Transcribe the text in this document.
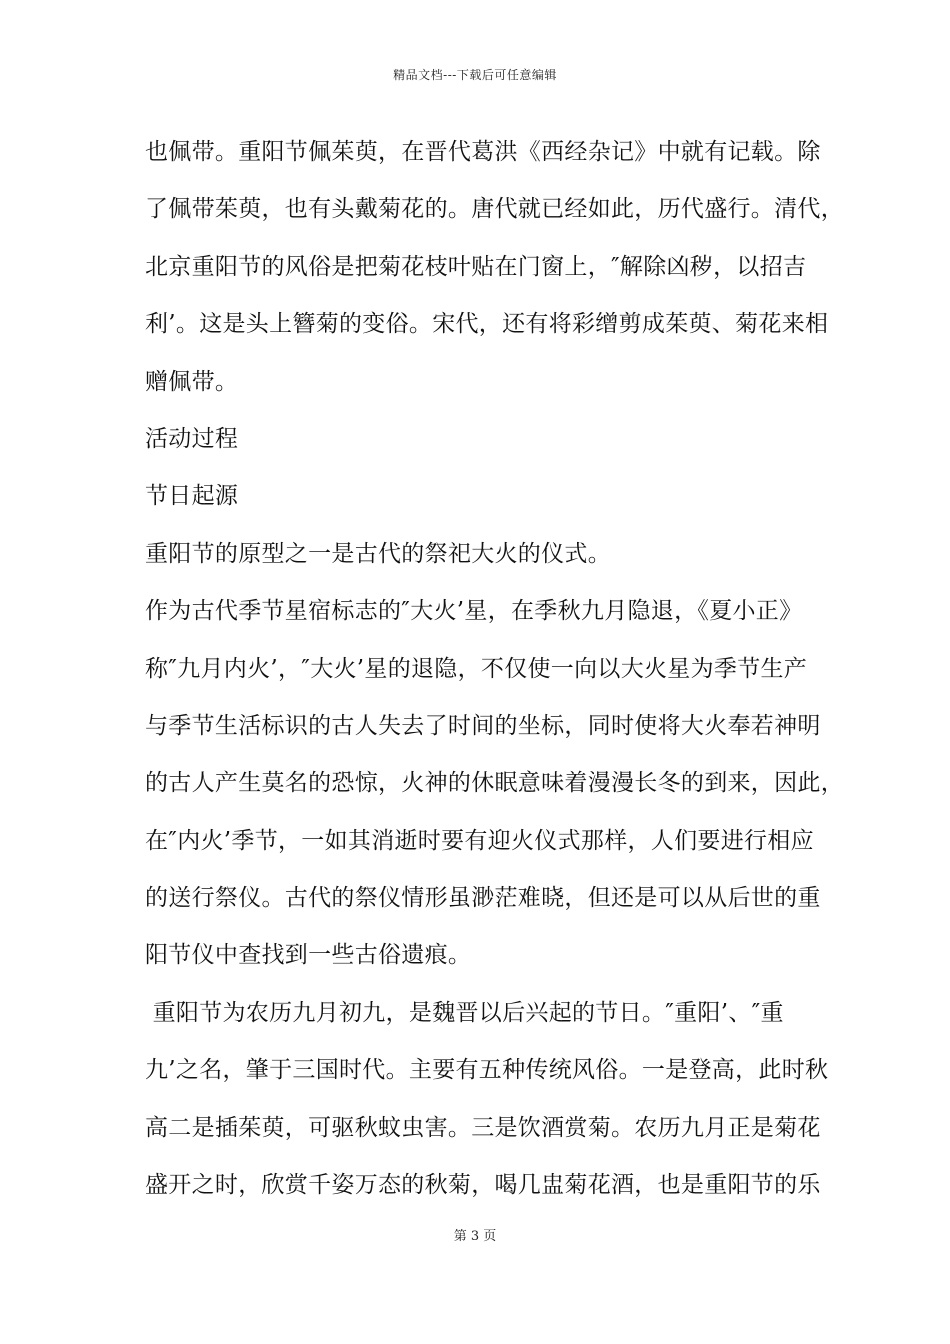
精品文档---下载后可任意编辑
也佩带。重阳节佩茱萸，在晋代葛洪《西经杂记》中就有记载。除
了佩带茱萸，也有头戴菊花的。唐代就已经如此，历代盛行。清代，
北京重阳节的风俗是把菊花枝叶贴在门窗上，″解除凶秽，以招吉
利’。这是头上簪菊的变俗。宋代，还有将彩缯剪成茱萸、菊花来相
赠佩带。
活动过程
节日起源
重阳节的原型之一是古代的祭祀大火的仪式。
作为古代季节星宿标志的″大火’星，在季秋九月隐退，《夏小正》
称″九月内火’，″大火’星的退隐，不仅使一向以大火星为季节生产
与季节生活标识的古人失去了时间的坐标，同时使将大火奉若神明
的古人产生莫名的恐惊，火神的休眠意味着漫漫长冬的到来，因此，
在″内火’季节，一如其消逝时要有迎火仪式那样，人们要进行相应
的送行祭仪。古代的祭仪情形虽渺茫难晓，但还是可以从后世的重
阳节仪中查找到一些古俗遗痕。
重阳节为农历九月初九，是魏晋以后兴起的节日。″重阳’、″重
九’之名，肇于三国时代。主要有五种传统风俗。一是登高，此时秋
高二是插茱萸，可驱秋蚊虫害。三是饮酒赏菊。农历九月正是菊花
盛开之时，欣赏千姿万态的秋菊，喝几盅菊花酒，也是重阳节的乐
第 3 页
